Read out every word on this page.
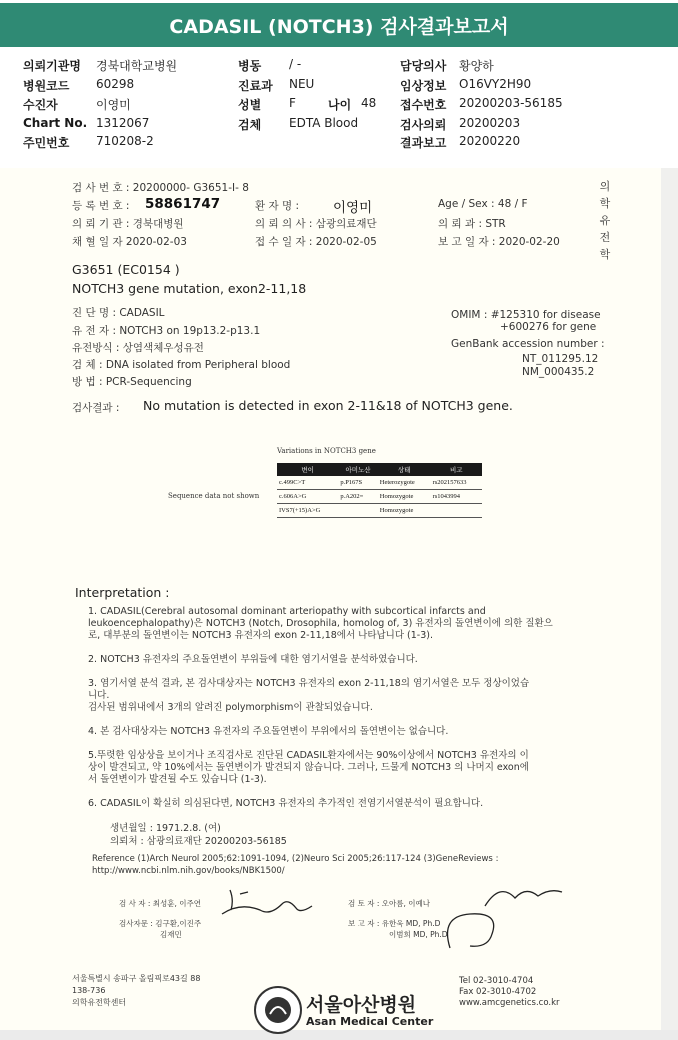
CADASIL (NOTCH3) 검사결과보고서
의뢰기관명 경북대학교병원
병원코드 60298
수진자	이영미
Chart No. 1312067
주민번호 710208-2
병동 / -
진료과 NEU
성별 F	나이 48
검체 EDTA Blood
담당의사 황양하
임상정보 O16VY2H90
접수번호 20200203-56185
검사의뢰 20200203
결과보고 20200220
검 사 번 호 : 20200000- G3651-I- 8
등 록 번 호 : 58861747	환 자 명 :	이영미	Age / Sex : 48 / F
의 뢰 기 관 : 경북대병원	의 뢰 의 사 : 삼광의료재단	의 뢰 과 : STR
채 혈 일 자 2020-02-03	접 수 일 자 : 2020-02-05	보 고 일 자 : 2020-02-20
의학유전학
G3651 (EC0154 )
NOTCH3 gene mutation, exon2-11,18
진 단 명 : CADASIL
유 전 자 : NOTCH3 on 19p13.2-p13.1
유전방식 : 상염색체우성유전
검 체 : DNA isolated from Peripheral blood
방 법 : PCR-Sequencing
OMIM : #125310 for disease
+600276 for gene
GenBank accession number :
NT_011295.12
NM_000435.2
검사결과 : No mutation is detected in exon 2-11&18 of NOTCH3 gene.
Variations in NOTCH3 gene
Sequence data not shown
변이	아미노산	상태	비고
c.499C>T	p.P167S	Heterozygote	rs202157633
c.606A>G	p.A202=	Homozygote	rs1043994
IVS7(+15)A>G		Homozygote	
Interpretation :
1. CADASIL(Cerebral autosomal dominant arteriopathy with subcortical infarcts and
leukoencephalopathy)은 NOTCH3 (Notch, Drosophila, homolog of, 3) 유전자의 돌연변이에 의한 질환으
로, 대부분의 돌연변이는 NOTCH3 유전자의 exon 2-11,18에서 나타납니다 (1-3).
2. NOTCH3 유전자의 주요돌연변이 부위들에 대한 염기서열을 분석하였습니다.
3. 염기서열 분석 결과, 본 검사대상자는 NOTCH3 유전자의 exon 2-11,18의 염기서열은 모두 정상이었습
니다.
검사된 범위내에서 3개의 알려진 polymorphism이 관찰되었습니다.
4. 본 검사대상자는 NOTCH3 유전자의 주요돌연변이 부위에서의 돌연변이는 없습니다.
5.뚜렷한 임상상을 보이거나 조직검사로 진단된 CADASIL환자에서는 90%이상에서 NOTCH3 유전자의 이
상이 발견되고, 약 10%에서는 돌연변이가 발견되지 않습니다. 그러나, 드물게 NOTCH3 의 나머지 exon에
서 돌연변이가 발견될 수도 있습니다 (1-3).
6. CADASIL이 확실히 의심된다면, NOTCH3 유전자의 추가적인 전염기서열분석이 필요합니다.
생년월일 : 1971.2.8. (여)
의뢰처 : 삼광의료재단 20200203-56185
Reference (1)Arch Neurol 2005;62:1091-1094, (2)Neuro Sci 2005;26:117-124 (3)GeneReviews :
http://www.ncbi.nlm.nih.gov/books/NBK1500/
검 사 자 : 최성훈, 이주연
검사자문 : 김구환,이진주
김재민
검 토 자 : 오아름, 이예나
보 고 자 : 유한욱 MD, Ph.D
이범희 MD, Ph.D
서울특별시 송파구 올림픽로43길 88
138-736
의학유전학센터	서울아산병원
Asan Medical Center
Tel 02-3010-4704
Fax 02-3010-4702
www.amcgenetics.co.kr
